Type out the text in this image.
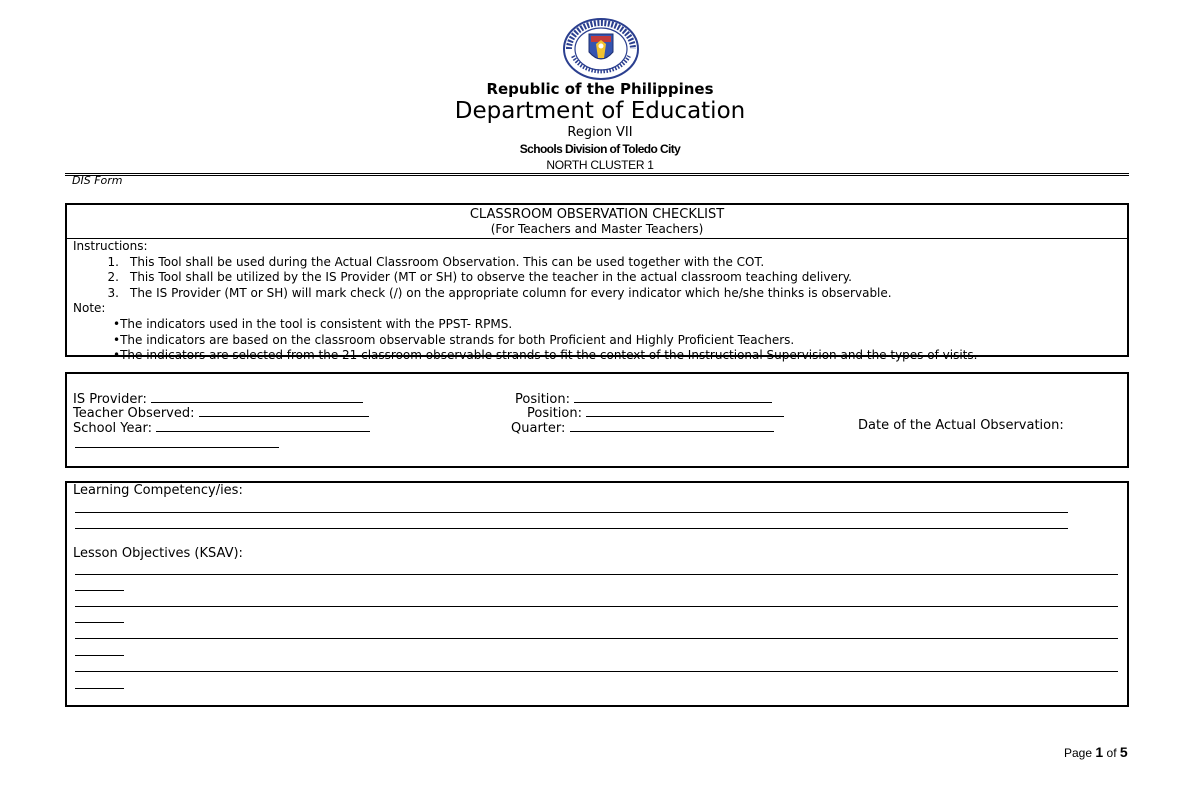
Republic of the Philippines
Department of Education
Region VII
Schools Division of Toledo City
NORTH CLUSTER 1
DIS Form
CLASSROOM OBSERVATION CHECKLIST
(For Teachers and Master Teachers)
Instructions:
1. This Tool shall be used during the Actual Classroom Observation. This can be used together with the COT.
2. This Tool shall be utilized by the IS Provider (MT or SH) to observe the teacher in the actual classroom teaching delivery.
3. The IS Provider (MT or SH) will mark check (/) on the appropriate column for every indicator which he/she thinks is observable.
Note:
•The indicators used in the tool is consistent with the PPST- RPMS.
•The indicators are based on the classroom observable strands for both Proficient and Highly Proficient Teachers.
•The indicators are selected from the 21 classroom observable strands to fit the context of the Instructional Supervision and the types of visits.
IS Provider:	Position:
Teacher Observed:	Position:
School Year:	Quarter:	Date of the Actual Observation:
Learning Competency/ies:
Lesson Objectives (KSAV):
Page 1 of 5
